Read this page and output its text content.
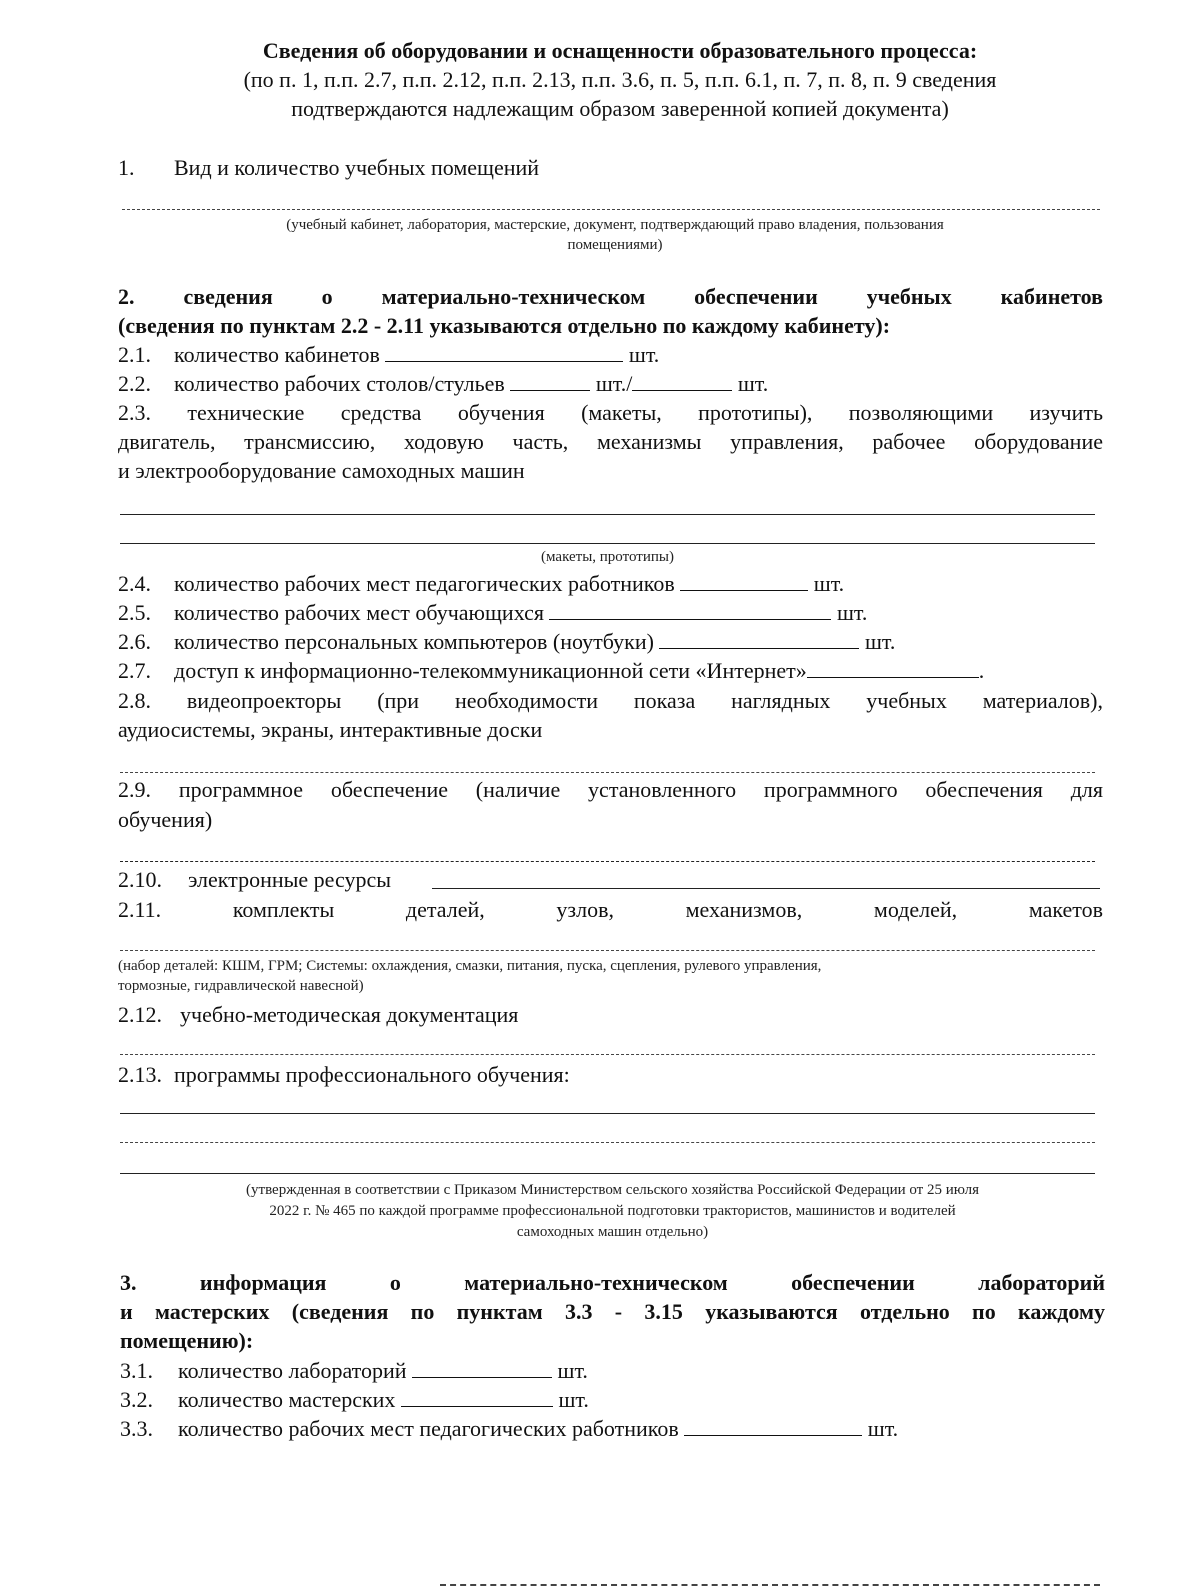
Сведения об оборудовании и оснащенности образовательного процесса:
(по п. 1, п.п. 2.7, п.п. 2.12, п.п. 2.13, п.п. 3.6, п. 5, п.п. 6.1, п. 7, п. 8, п. 9 сведения
подтверждаются надлежащим образом заверенной копией документа)
1. Вид и количество учебных помещений
(учебный кабинет, лаборатория, мастерские, документ, подтверждающий право владения, пользования
помещениями)
2. сведения о материально-техническом обеспечении учебных кабинетов
(сведения по пунктам 2.2 - 2.11 указываются отдельно по каждому кабинету):
2.1. количество кабинетов	шт.
2.2. количество рабочих столов/стульев	шт./	шт.
2.3. технические средства обучения (макеты, прототипы), позволяющими изучить
двигатель, трансмиссию, ходовую часть, механизмы управления, рабочее оборудование
и электрооборудование самоходных машин
(макеты, прототипы)
2.4. количество рабочих мест педагогических работников	шт.
2.5. количество рабочих мест обучающихся	шт.
2.6. количество персональных компьютеров (ноутбуки)	шт.
2.7. доступ к информационно-телекоммуникационной сети «Интернет»	.
2.8. видеопроекторы (при необходимости показа наглядных учебных материалов),
аудиосистемы, экраны, интерактивные доски
2.9. программное обеспечение (наличие установленного программного обеспечения для
обучения)
2.10. электронные ресурсы
2.11.	комплекты деталей, узлов, механизмов, моделей, макетов
(набор деталей: КШМ, ГРМ; Системы: охлаждения, смазки, питания, пуска, сцепления, рулевого управления,
тормозные, гидравлической навесной)
2.12. учебно-методическая документация
2.13. программы профессионального обучения:
(утвержденная в соответствии с Приказом Министерством сельского хозяйства Российской Федерации от 25 июля
2022 г. № 465 по каждой программе профессиональной подготовки трактористов, машинистов и водителей
самоходных машин отдельно)
3. информация о материально-техническом обеспечении лабораторий
и мастерских (сведения по пунктам 3.3 - 3.15 указываются отдельно по каждому
помещению):
3.1. количество лабораторий	шт.
3.2. количество мастерских	шт.
3.3. количество рабочих мест педагогических работников	шт.
